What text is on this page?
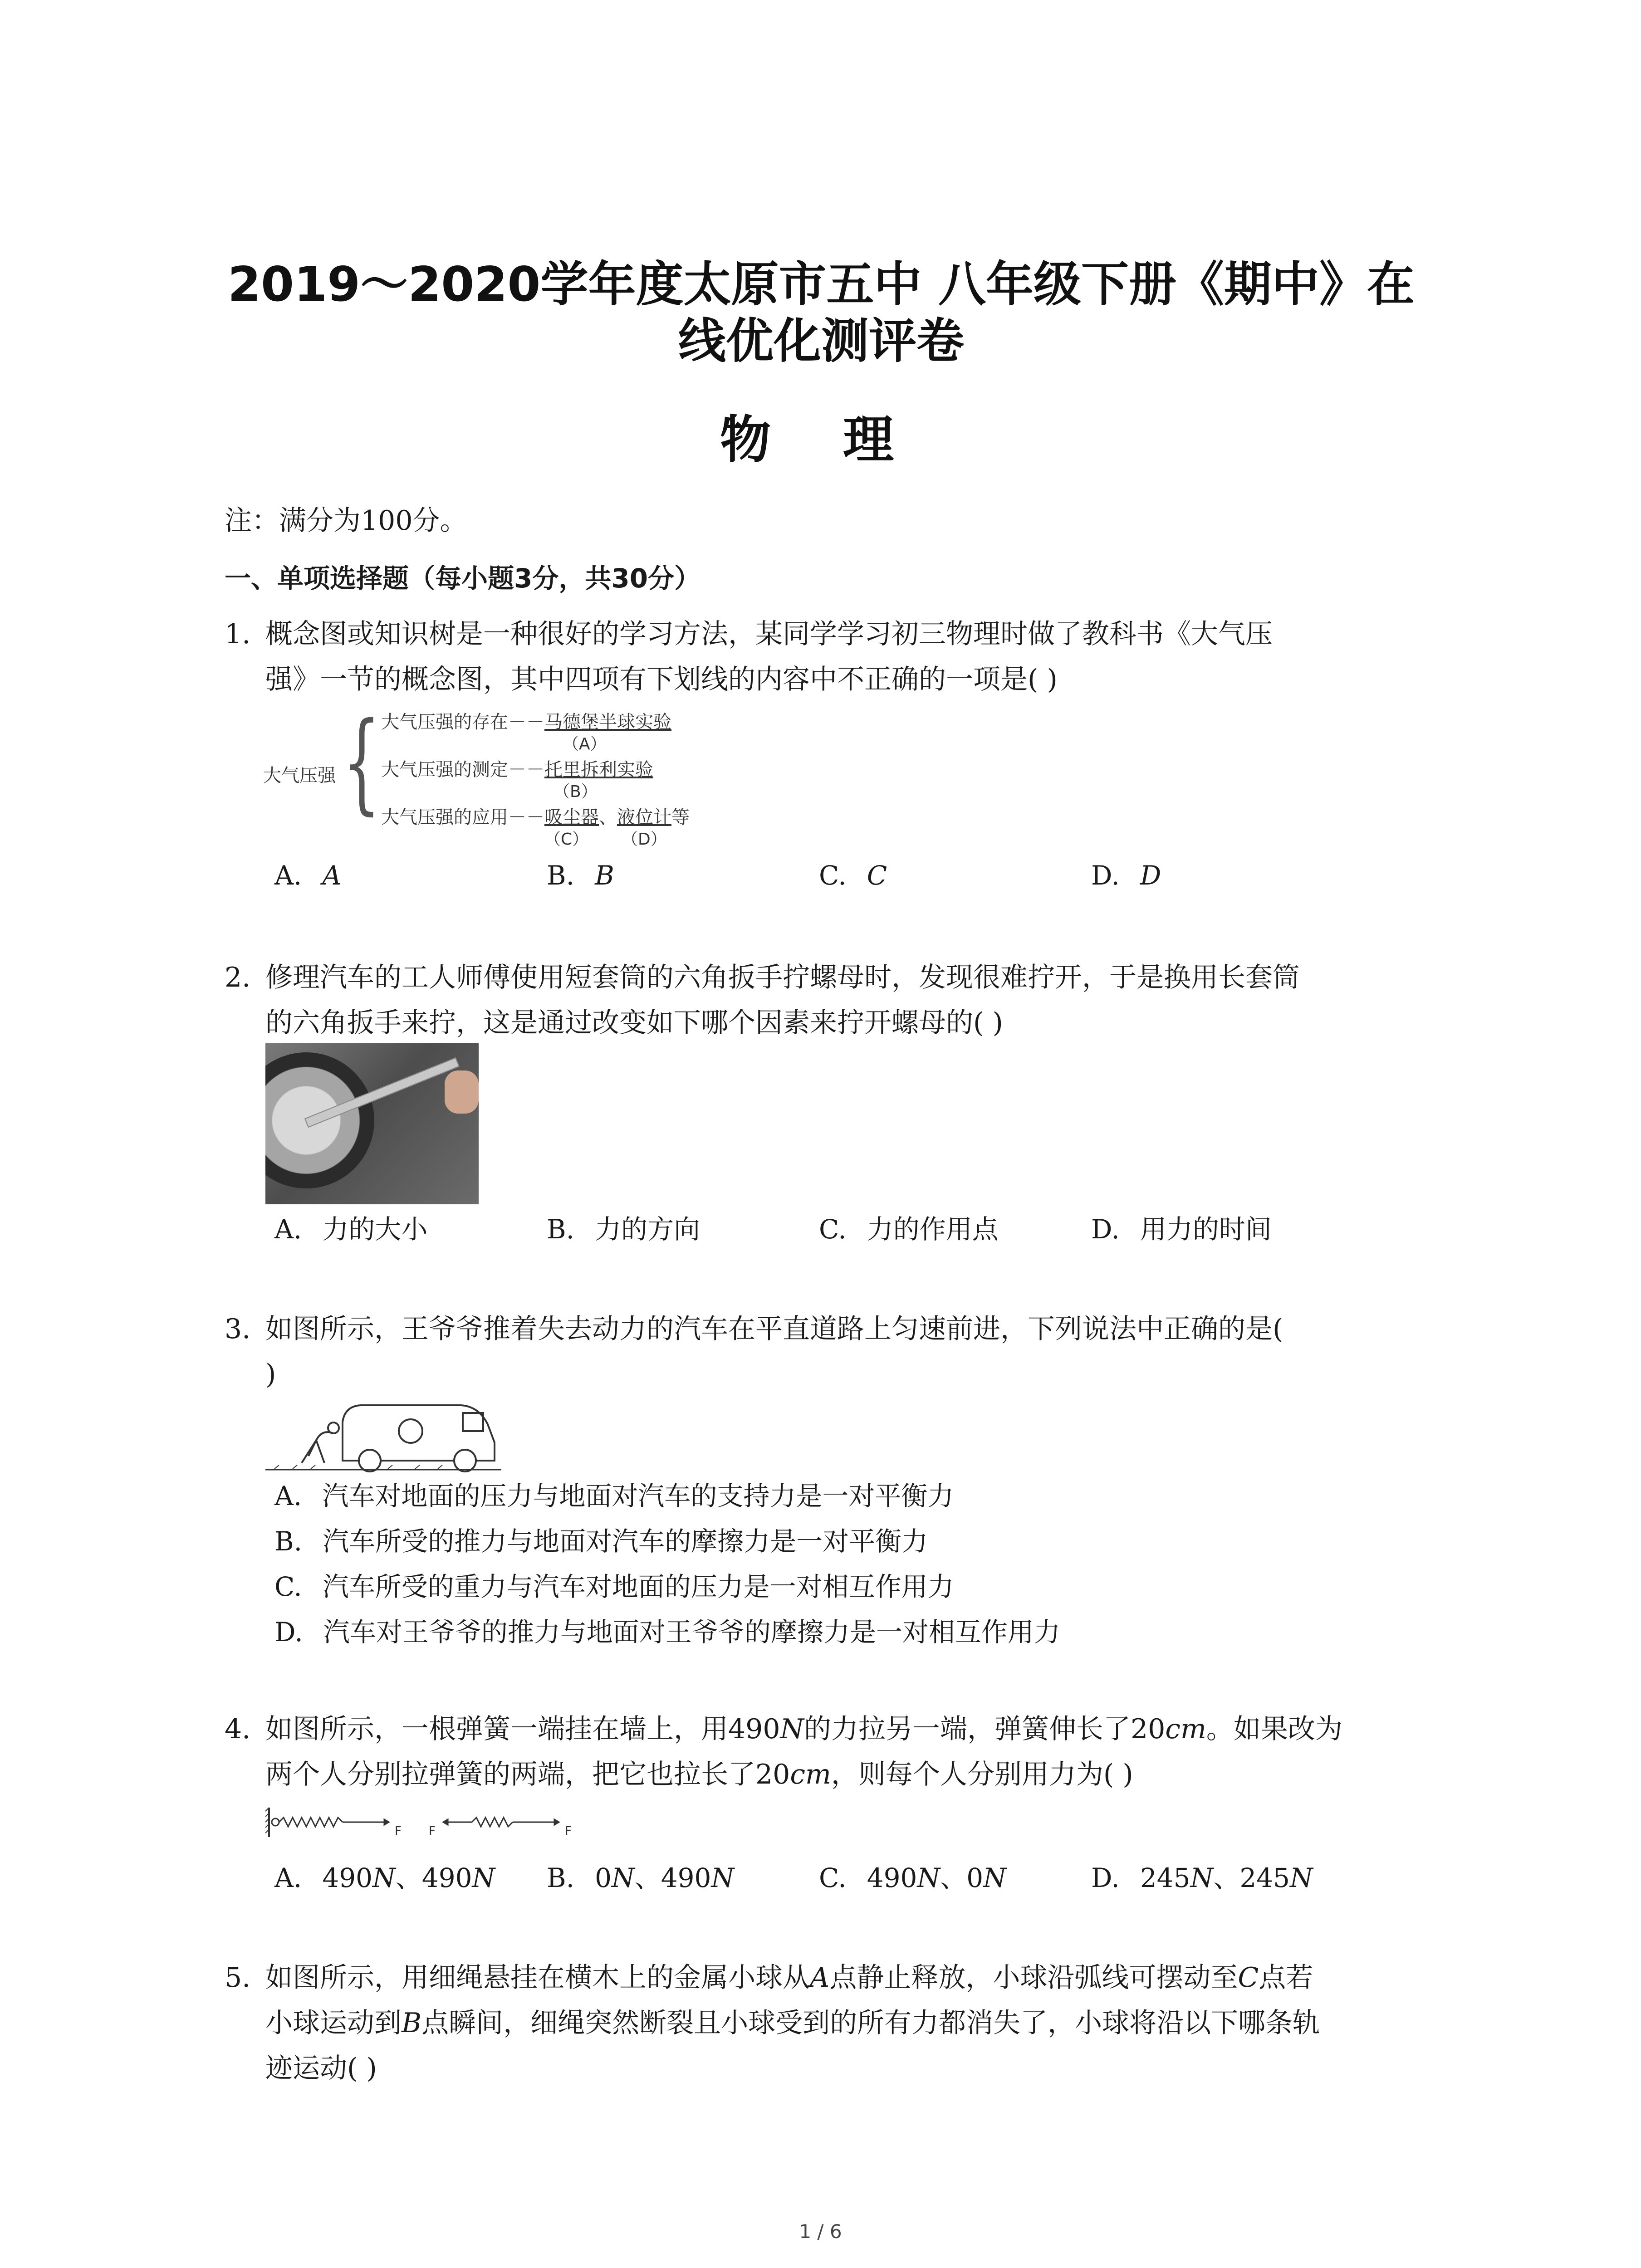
2019～2020学年度太原市五中 八年级下册《期中》在
线优化测评卷
物 理
注：满分为100分。
一、单项选择题（每小题3分，共30分）
1. 概念图或知识树是一种很好的学习方法，某同学学习初三物理时做了教科书《大气压
强》一节的概念图，其中四项有下划线的内容中不正确的一项是( )
大气压强 { 大气压强的存在－－马德堡半球实验
（A）
大气压强的测定－－托里拆利实验
（B）
大气压强的应用－－吸尘器、液位计等
（C） （D）
A. A	B. B	C. C	D. D
2. 修理汽车的工人师傅使用短套筒的六角扳手拧螺母时，发现很难拧开，于是换用长套筒
的六角扳手来拧，这是通过改变如下哪个因素来拧开螺母的( )
A. 力的大小	B. 力的方向	C. 力的作用点	D. 用力的时间
3. 如图所示，王爷爷推着失去动力的汽车在平直道路上匀速前进，下列说法中正确的是(
)
A. 汽车对地面的压力与地面对汽车的支持力是一对平衡力
B. 汽车所受的推力与地面对汽车的摩擦力是一对平衡力
C. 汽车所受的重力与汽车对地面的压力是一对相互作用力
D. 汽车对王爷爷的推力与地面对王爷爷的摩擦力是一对相互作用力
4. 如图所示，一根弹簧一端挂在墙上，用490N的力拉另一端，弹簧伸长了20cm。如果改为
两个人分别拉弹簧的两端，把它也拉长了20cm，则每个人分别用力为( )
F F	F
A. 490N、490N B. 0N、490N	C. 490N、0N	D. 245N、245N
5. 如图所示，用细绳悬挂在横木上的金属小球从A点静止释放，小球沿弧线可摆动至C点若
小球运动到B点瞬间，细绳突然断裂且小球受到的所有力都消失了，小球将沿以下哪条轨
迹运动( )
1 / 6
